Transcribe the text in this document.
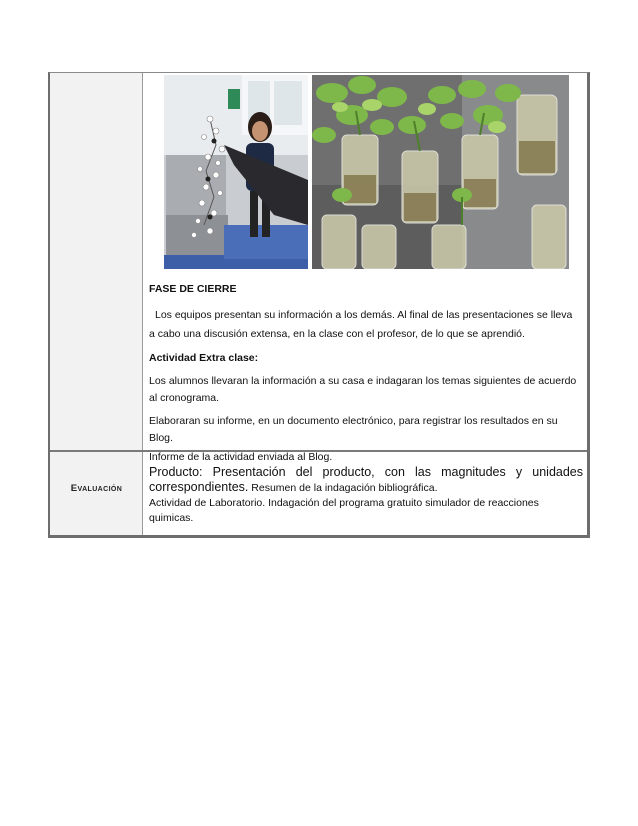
FASE DE CIERRE

Los equipos presentan su información a los demás. Al final de las presentaciones se lleva a cabo una discusión extensa, en la clase con el profesor, de lo que se aprendió.

Actividad Extra clase:

Los alumnos llevaran la información a su casa e indagaran los temas siguientes de acuerdo al cronograma.

Elaboraran su informe, en un documento electrónico, para registrar los resultados en su Blog.

Evaluación

Informe de la actividad enviada al Blog.

Producto: Presentación del producto, con las magnitudes y unidades

correspondientes. Resumen de la indagación bibliográfica.

Actividad de Laboratorio. Indagación del programa gratuito simulador de reacciones quimicas.
